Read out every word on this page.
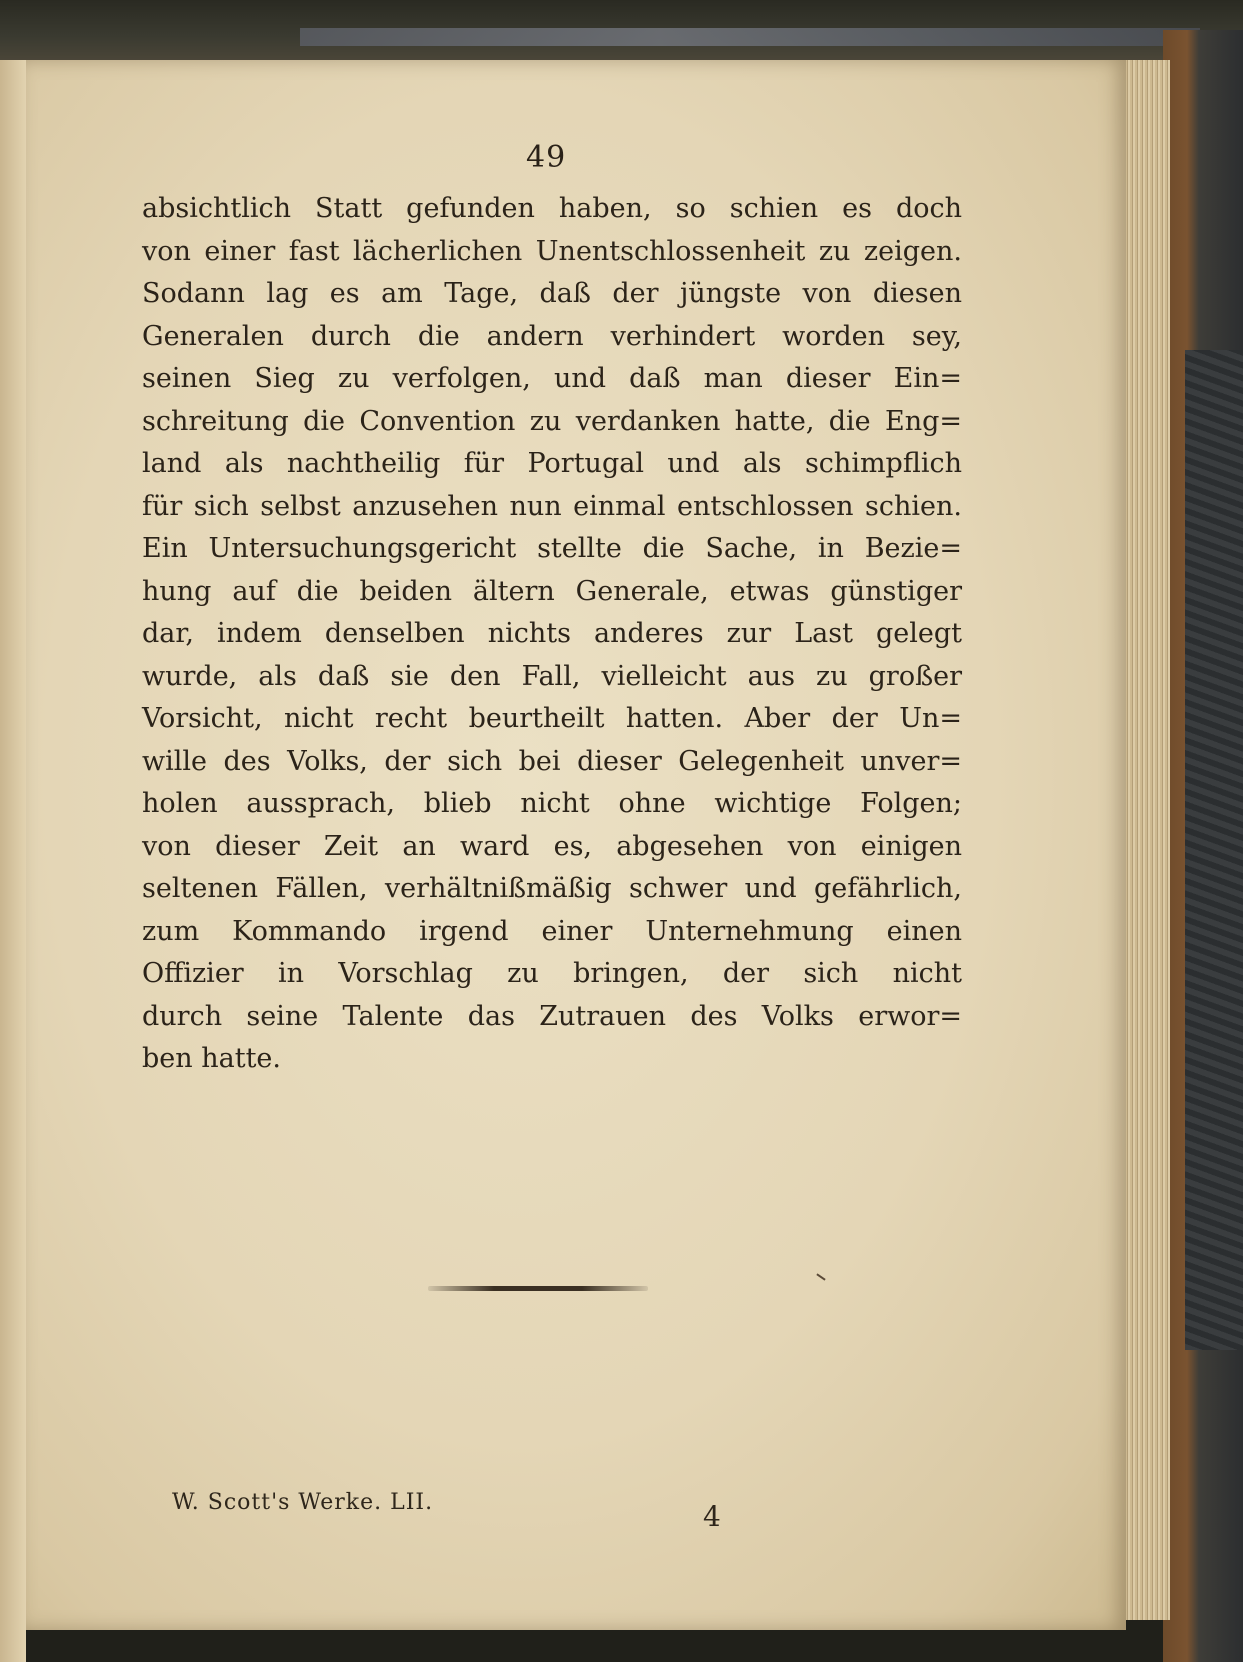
49

absichtlich Statt gefunden haben, so schien es doch
von einer fast lächerlichen Unentschlossenheit zu zeigen.
Sodann lag es am Tage, daß der jüngste von diesen
Generalen durch die andern verhindert worden sey,
seinen Sieg zu verfolgen, und daß man dieser Ein=
schreitung die Convention zu verdanken hatte, die Eng=
land als nachtheilig für Portugal und als schimpflich
für sich selbst anzusehen nun einmal entschlossen schien.
Ein Untersuchungsgericht stellte die Sache, in Bezie=
hung auf die beiden ältern Generale, etwas günstiger
dar, indem denselben nichts anderes zur Last gelegt
wurde, als daß sie den Fall, vielleicht aus zu großer
Vorsicht, nicht recht beurtheilt hatten. Aber der Un=
wille des Volks, der sich bei dieser Gelegenheit unver=
holen aussprach, blieb nicht ohne wichtige Folgen;
von dieser Zeit an ward es, abgesehen von einigen
seltenen Fällen, verhältnißmäßig schwer und gefährlich,
zum Kommando irgend einer Unternehmung einen
Offizier in Vorschlag zu bringen, der sich nicht
durch seine Talente das Zutrauen des Volks erwor=
ben hatte.

W. Scott's Werke. LII.	4
